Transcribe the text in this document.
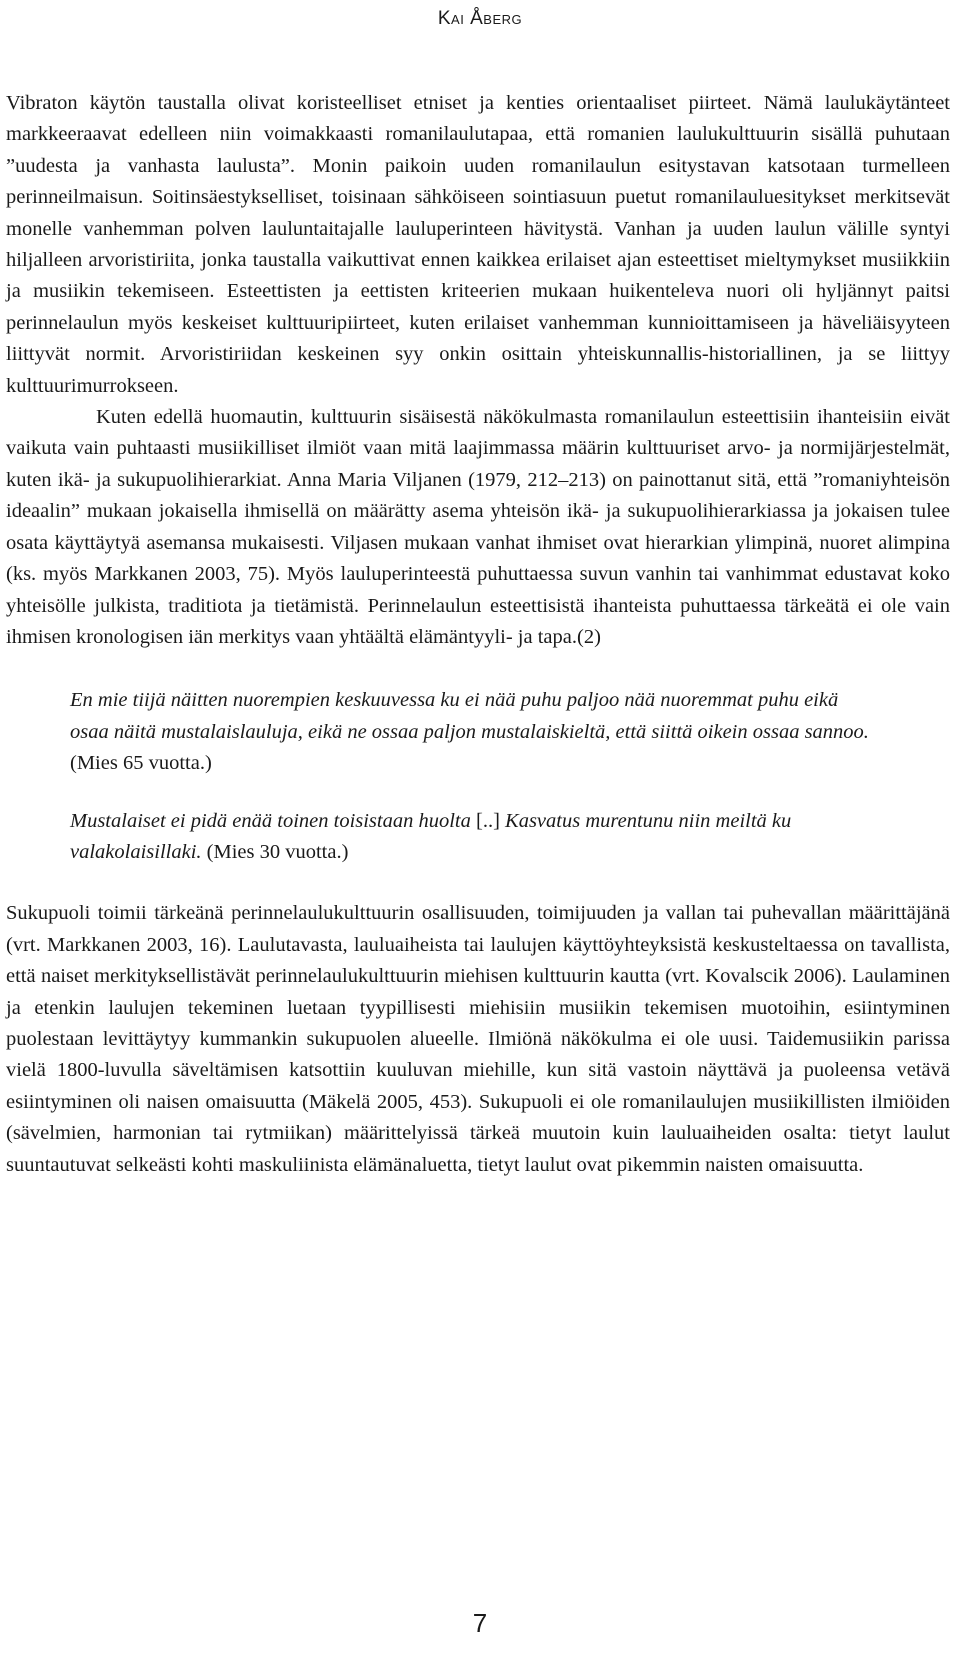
Kai Åberg

Vibraton käytön taustalla olivat koristeelliset etniset ja kenties orientaaliset piirteet. Nämä laulukäytänteet markkeeraavat edelleen niin voimakkaasti romanilaulutapaa, että romanien laulukulttuurin sisällä puhutaan ”uudesta ja vanhasta laulusta”. Monin paikoin uuden romanilaulun esitystavan katsotaan turmelleen perinneilmaisun. Soitinsäestykselliset, toisinaan sähköiseen sointiasuun puetut romanilauluesitykset merkitsevät monelle vanhemman polven lauluntaitajalle lauluperinteen hävitystä. Vanhan ja uuden laulun välille syntyi hiljalleen arvoristiriita, jonka taustalla vaikuttivat ennen kaikkea erilaiset ajan esteettiset mieltymykset musiikkiin ja musiikin tekemiseen. Esteettisten ja eettisten kriteerien mukaan huikenteleva nuori oli hyljännyt paitsi perinnelaulun myös keskeiset kulttuuripiirteet, kuten erilaiset vanhemman kunnioittamiseen ja häveliäisyyteen liittyvät normit. Arvoristiriidan keskeinen syy onkin osittain yhteiskunnallis-historiallinen, ja se liittyy kulttuurimurrokseen.

Kuten edellä huomautin, kulttuurin sisäisestä näkökulmasta romanilaulun esteettisiin ihanteisiin eivät vaikuta vain puhtaasti musiikilliset ilmiöt vaan mitä laajimmassa määrin kulttuuriset arvo- ja normijärjestelmät, kuten ikä- ja sukupuolihierarkiat. Anna Maria Viljanen (1979, 212–213) on painottanut sitä, että ”romaniyhteisön ideaalin” mukaan jokaisella ihmisellä on määrätty asema yhteisön ikä- ja sukupuolihierarkiassa ja jokaisen tulee osata käyttäytyä asemansa mukaisesti. Viljasen mukaan vanhat ihmiset ovat hierarkian ylimpinä, nuoret alimpina (ks. myös Markkanen 2003, 75). Myös lauluperinteestä puhuttaessa suvun vanhin tai vanhimmat edustavat koko yhteisölle julkista, traditiota ja tietämistä. Perinnelaulun esteettisistä ihanteista puhuttaessa tärkeätä ei ole vain ihmisen kronologisen iän merkitys vaan yhtäältä elämäntyyli- ja tapa.(2)

En mie tiijä näitten nuorempien keskuuvessa ku ei nää puhu paljoo nää nuoremmat puhu eikä osaa näitä mustalaislauluja, eikä ne ossaa paljon mustalaiskieltä, että siittä oikein ossaa sannoo. (Mies 65 vuotta.)

Mustalaiset ei pidä enää toinen toisistaan huolta [..] Kasvatus murentunu niin meiltä ku valakolaisillaki. (Mies 30 vuotta.)

Sukupuoli toimii tärkeänä perinnelaulukulttuurin osallisuuden, toimijuuden ja vallan tai puhevallan määrittäjänä (vrt. Markkanen 2003, 16). Laulutavasta, lauluaiheista tai laulujen käyttöyhteyksistä keskusteltaessa on tavallista, että naiset merkityksellistävät perinnelaulukulttuurin miehisen kulttuurin kautta (vrt. Kovalscik 2006). Laulaminen ja etenkin laulujen tekeminen luetaan tyypillisesti miehisiin musiikin tekemisen muotoihin, esiintyminen puolestaan levittäytyy kummankin sukupuolen alueelle. Ilmiönä näkökulma ei ole uusi. Taidemusiikin parissa vielä 1800-luvulla säveltämisen katsottiin kuuluvan miehille, kun sitä vastoin näyttävä ja puoleensa vetävä esiintyminen oli naisen omaisuutta (Mäkelä 2005, 453). Sukupuoli ei ole romanilaulujen musiikillisten ilmiöiden (sävelmien, harmonian tai rytmiikan) määrittelyissä tärkeä muutoin kuin lauluaiheiden osalta: tietyt laulut suuntautuvat selkeästi kohti maskuliinista elämänaluetta, tietyt laulut ovat pikemmin naisten omaisuutta.

7
